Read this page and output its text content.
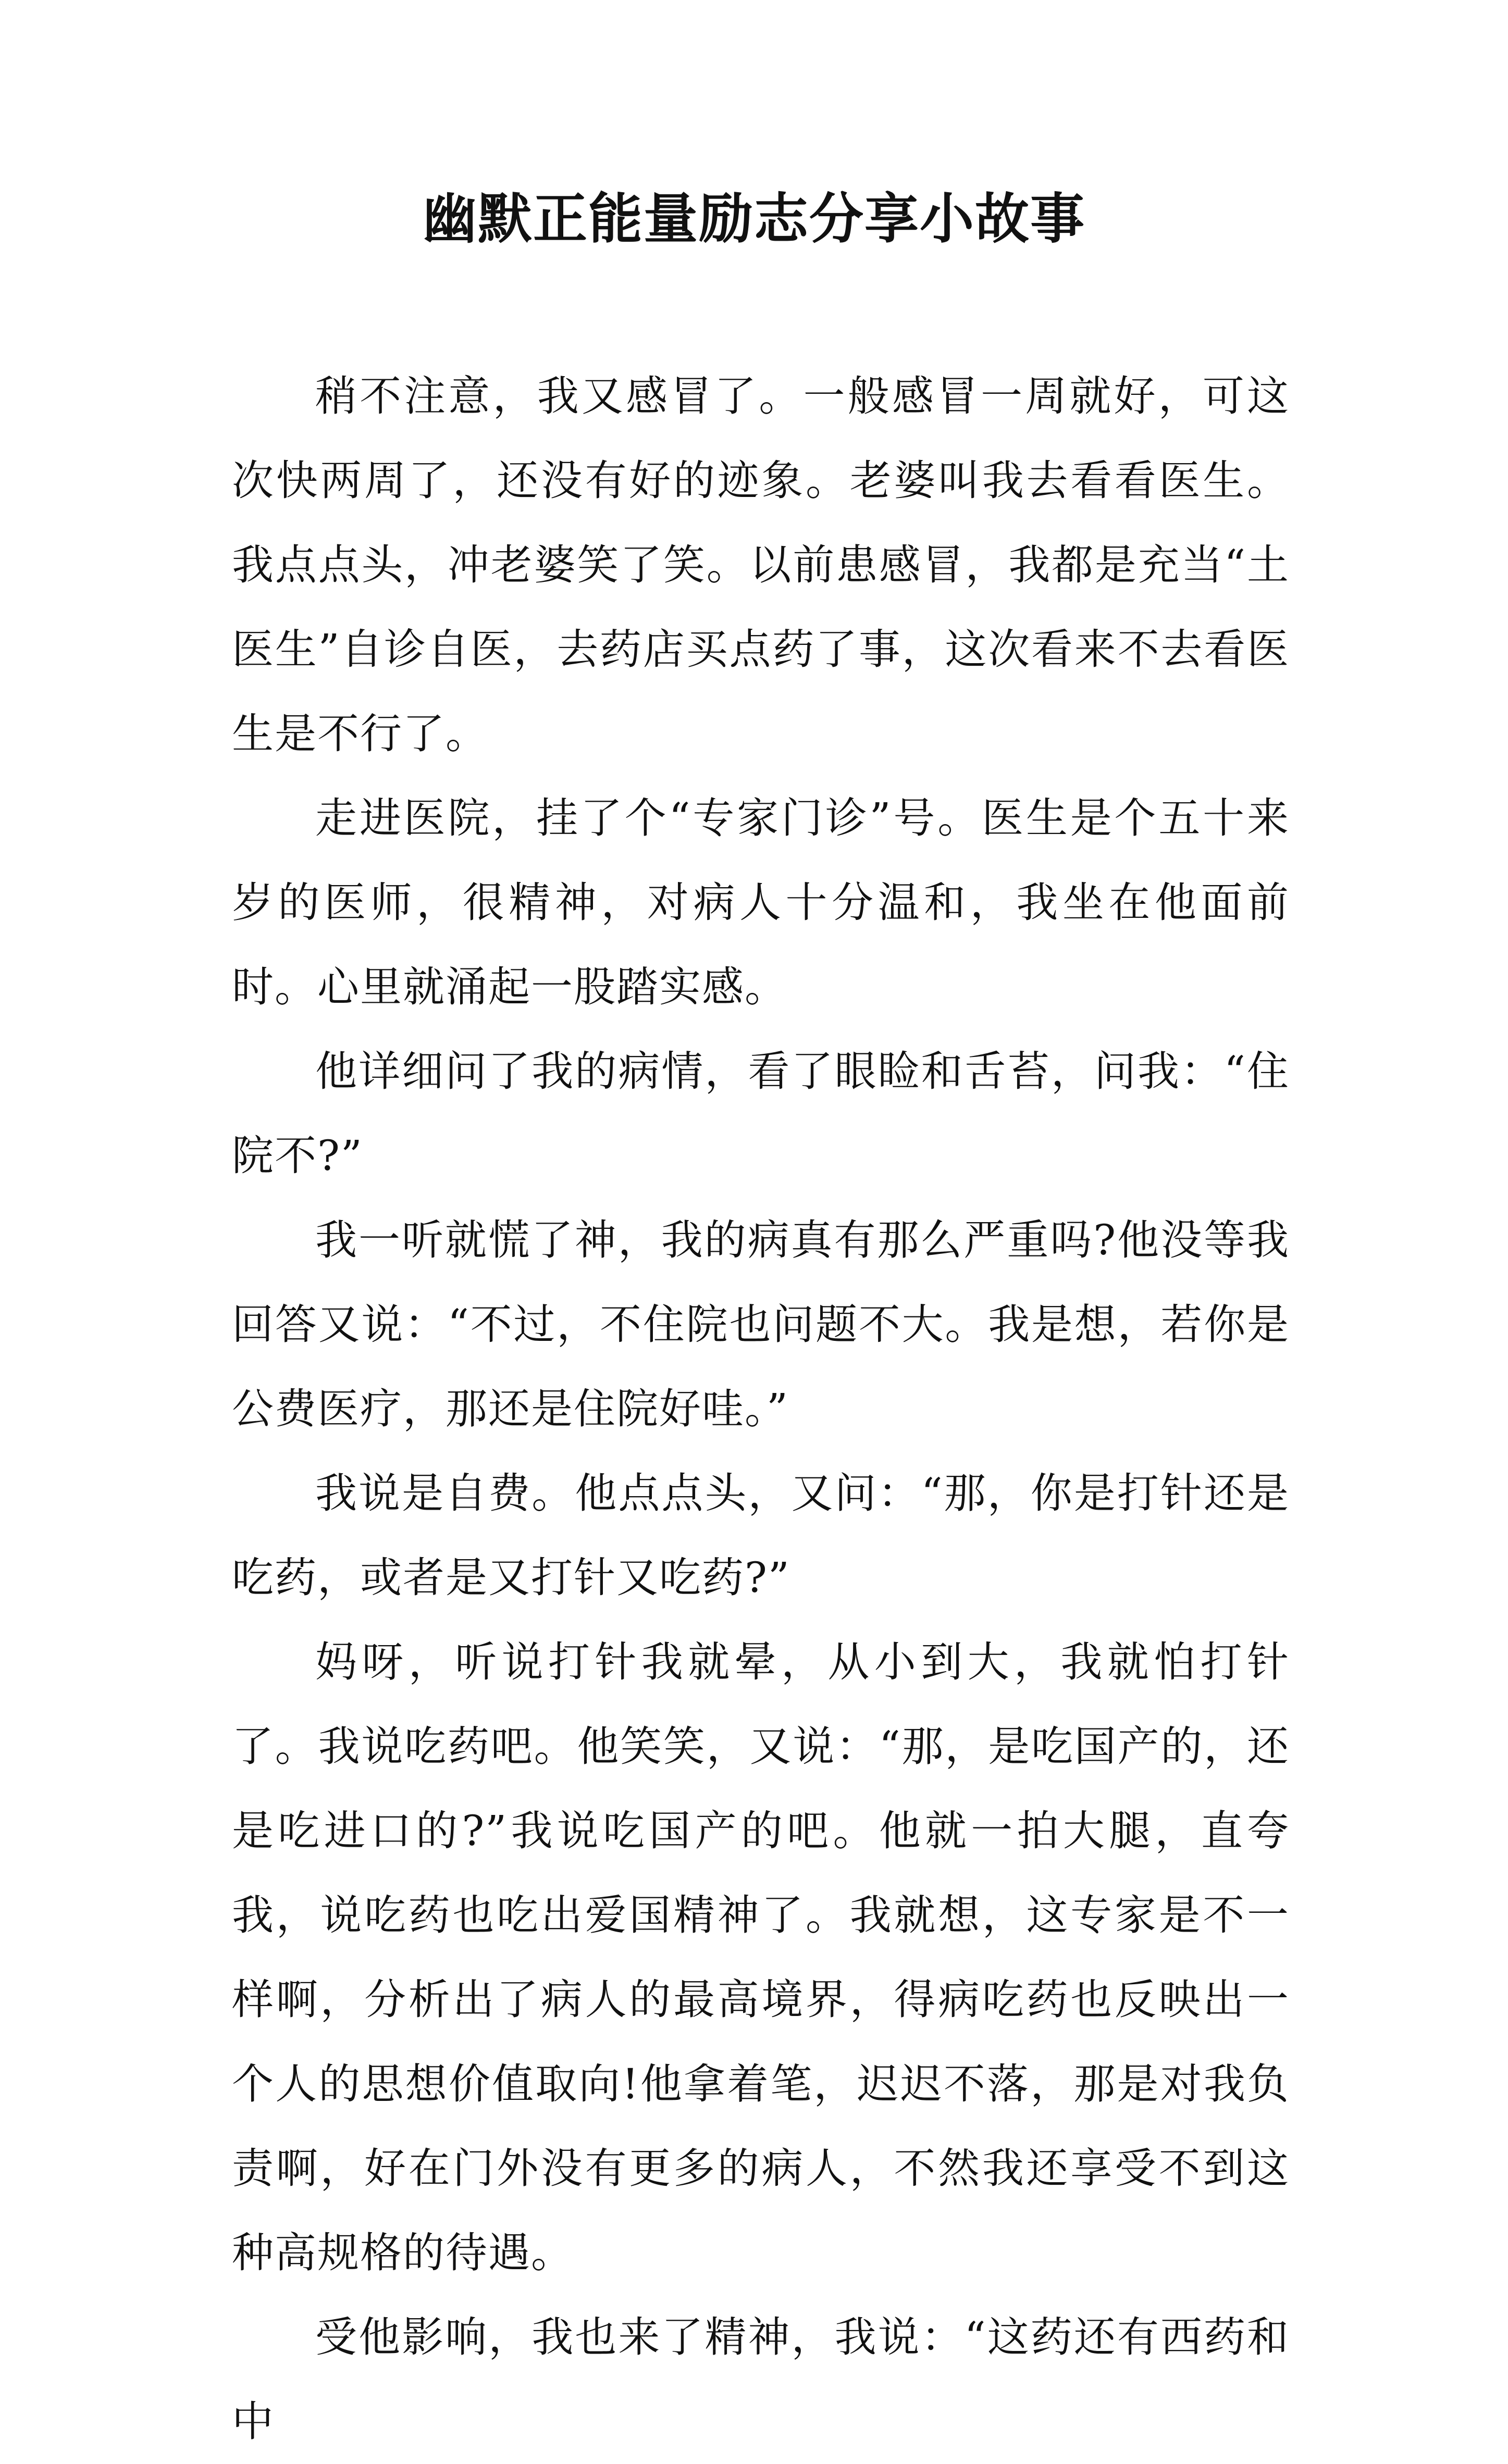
幽默正能量励志分享小故事

稍不注意，我又感冒了。一般感冒一周就好，可这次快两周了，还没有好的迹象。老婆叫我去看看医生。我点点头，冲老婆笑了笑。以前患感冒，我都是充当“土医生”自诊自医，去药店买点药了事，这次看来不去看医生是不行了。

走进医院，挂了个“专家门诊”号。医生是个五十来岁的医师，很精神，对病人十分温和，我坐在他面前时。心里就涌起一股踏实感。

他详细问了我的病情，看了眼睑和舌苔，问我：“住院不?”

我一听就慌了神，我的病真有那么严重吗?他没等我回答又说：“不过，不住院也问题不大。我是想，若你是公费医疗，那还是住院好哇。”

我说是自费。他点点头，又问：“那，你是打针还是吃药，或者是又打针又吃药?”

妈呀，听说打针我就晕，从小到大，我就怕打针了。我说吃药吧。他笑笑，又说：“那，是吃国产的，还是吃进口的?”我说吃国产的吧。他就一拍大腿，直夸我，说吃药也吃出爱国精神了。我就想，这专家是不一样啊，分析出了病人的最高境界，得病吃药也反映出一个人的思想价值取向!他拿着笔，迟迟不落，那是对我负责啊，好在门外没有更多的病人，不然我还享受不到这种高规格的待遇。

受他影响，我也来了精神，我说：“这药还有西药和中
